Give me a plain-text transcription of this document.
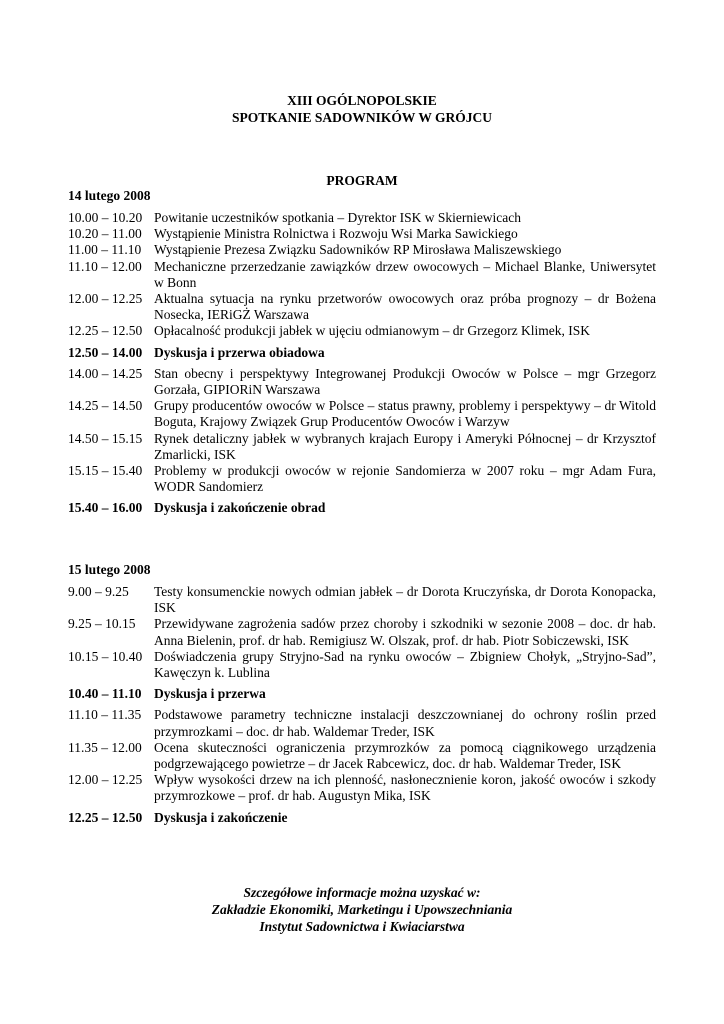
XIII OGÓLNOPOLSKIE
SPOTKANIE SADOWNIKÓW W GRÓJCU
PROGRAM
14 lutego 2008
10.00 – 10.20 Powitanie uczestników spotkania – Dyrektor ISK w Skierniewicach
10.20 – 11.00 Wystąpienie Ministra Rolnictwa i Rozwoju Wsi Marka Sawickiego
11.00 – 11.10 Wystąpienie Prezesa Związku Sadowników RP Mirosława Maliszewskiego
11.10 – 12.00 Mechaniczne przerzedzanie zawiązków drzew owocowych – Michael Blanke, Uniwersytet w Bonn
12.00 – 12.25 Aktualna sytuacja na rynku przetworów owocowych oraz próba prognozy – dr Bożena Nosecka, IERiGŻ Warszawa
12.25 – 12.50 Opłacalność produkcji jabłek w ujęciu odmianowym – dr Grzegorz Klimek, ISK
12.50 – 14.00 Dyskusja i przerwa obiadowa
14.00 – 14.25 Stan obecny i perspektywy Integrowanej Produkcji Owoców w Polsce – mgr Grzegorz Gorzała, GIPIORiN Warszawa
14.25 – 14.50 Grupy producentów owoców w Polsce – status prawny, problemy i perspektywy – dr Witold Boguta, Krajowy Związek Grup Producentów Owoców i Warzyw
14.50 – 15.15 Rynek detaliczny jabłek w wybranych krajach Europy i Ameryki Północnej – dr Krzysztof Zmarlicki, ISK
15.15 – 15.40 Problemy w produkcji owoców w rejonie Sandomierza w 2007 roku – mgr Adam Fura, WODR Sandomierz
15.40 – 16.00 Dyskusja i zakończenie obrad
15 lutego 2008
9.00 – 9.25	Testy konsumenckie nowych odmian jabłek – dr Dorota Kruczyńska, dr Dorota Konopacka, ISK
9.25 – 10.15	Przewidywane zagrożenia sadów przez choroby i szkodniki w sezonie 2008 – doc. dr hab. Anna Bielenin, prof. dr hab. Remigiusz W. Olszak, prof. dr hab. Piotr Sobiczewski, ISK
10.15 – 10.40 Doświadczenia grupy Stryjno-Sad na rynku owoców – Zbigniew Chołyk, „Stryjno-Sad”, Kawęczyn k. Lublina
10.40 – 11.10 Dyskusja i przerwa
11.10 – 11.35 Podstawowe parametry techniczne instalacji deszczownianej do ochrony roślin przed przymrozkami – doc. dr hab. Waldemar Treder, ISK
11.35 – 12.00 Ocena skuteczności ograniczenia przymrozków za pomocą ciągnikowego urządzenia podgrzewającego powietrze – dr Jacek Rabcewicz, doc. dr hab. Waldemar Treder, ISK
12.00 – 12.25 Wpływ wysokości drzew na ich plenność, nasłonecznienie koron, jakość owoców i szkody przymrozkowe – prof. dr hab. Augustyn Mika, ISK
12.25 – 12.50 Dyskusja i zakończenie
Szczegółowe informacje można uzyskać w:
Zakładzie Ekonomiki, Marketingu i Upowszechniania
Instytut Sadownictwa i Kwiaciarstwa
